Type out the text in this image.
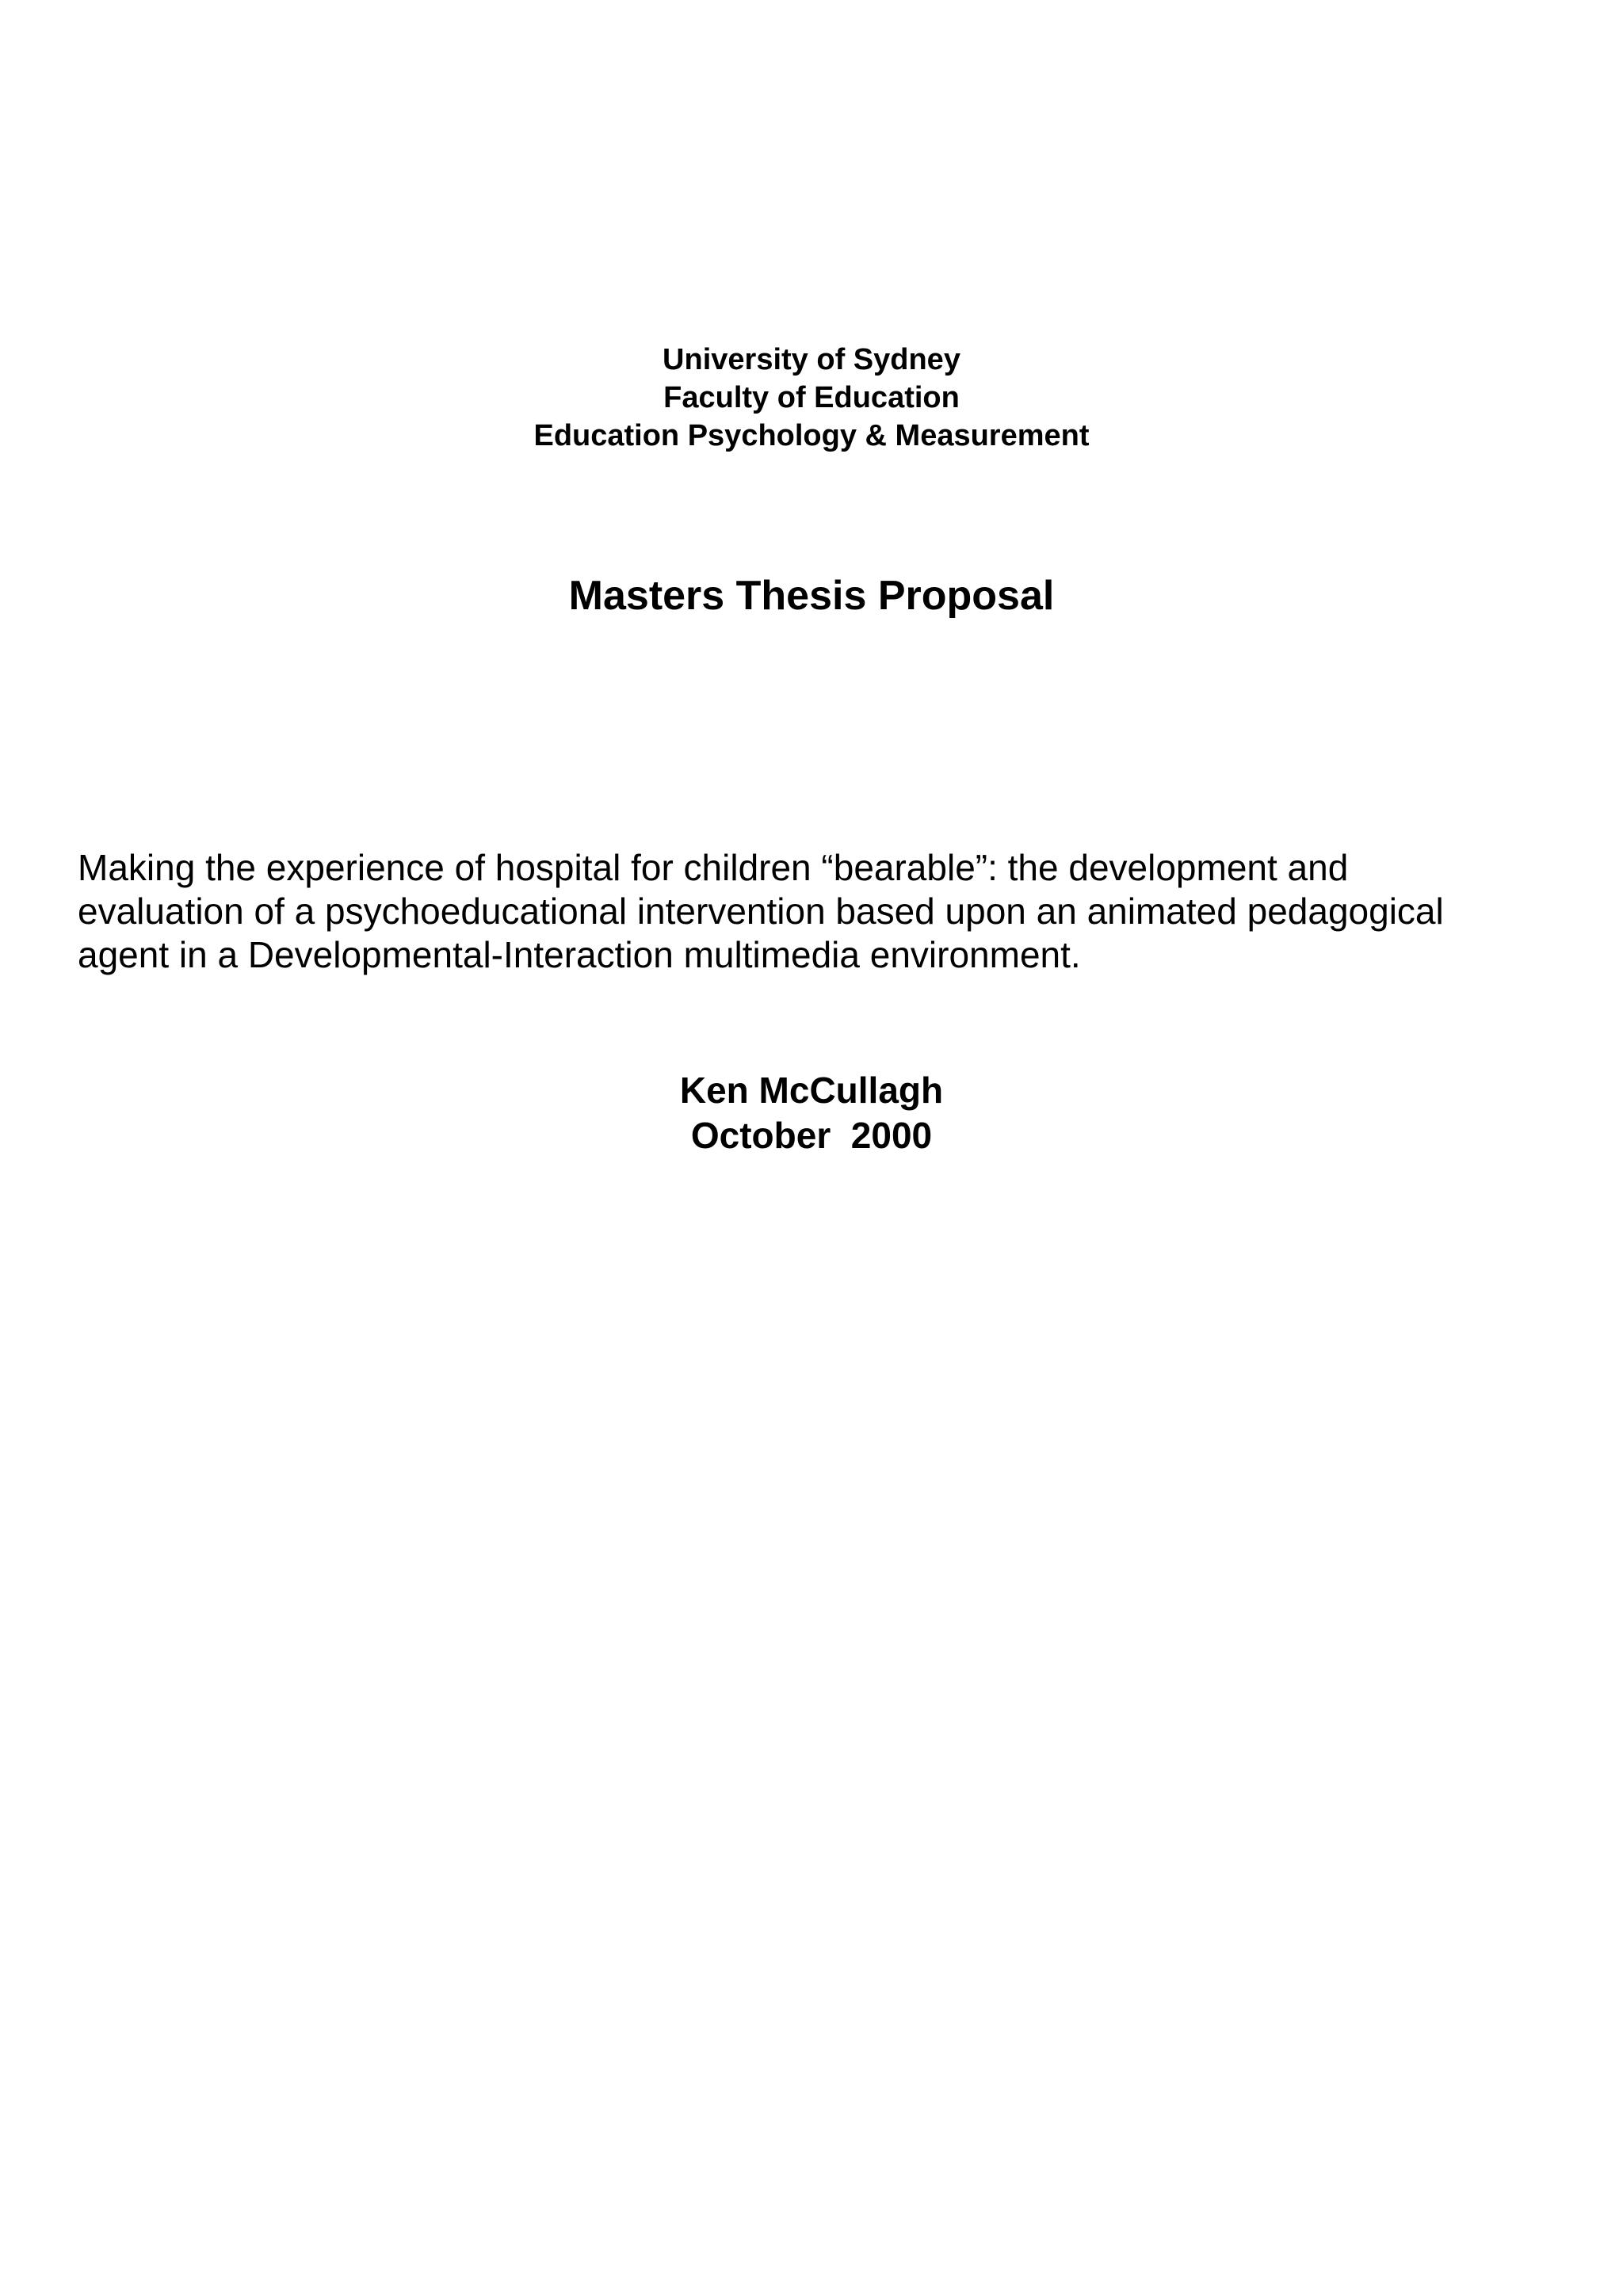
University of Sydney
Faculty of Education
Education Psychology & Measurement
Masters Thesis Proposal
Making the experience of hospital for children “bearable”: the development and
evaluation of a psychoeducational intervention based upon an animated pedagogical
agent in a Developmental-Interaction multimedia environment.
Ken McCullagh
October  2000
